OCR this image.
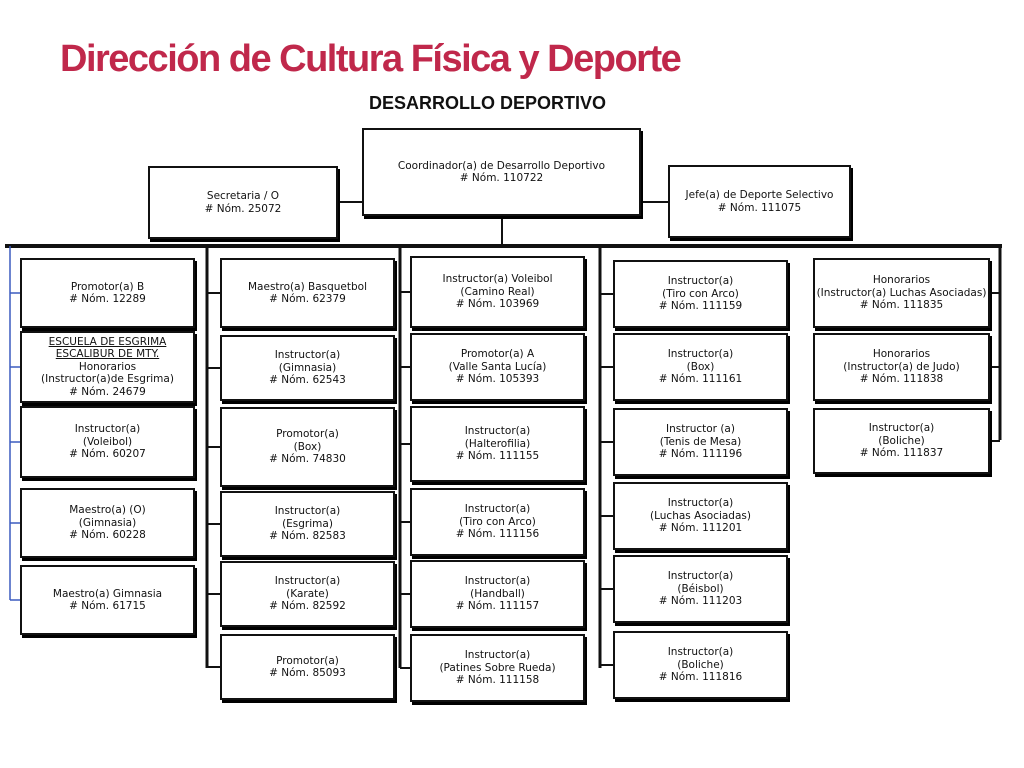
Dirección de Cultura Física y Deporte
DESARROLLO DEPORTIVO
Coordinador(a) de Desarrollo Deportivo
# Nóm. 110722
Secretaria / O
# Nóm. 25072
Jefe(a) de Deporte Selectivo
# Nóm. 111075
Promotor(a) B
# Nóm. 12289
ESCUELA DE ESGRIMA
ESCALIBUR DE MTY.
Honorarios
(Instructor(a)de Esgrima)
# Nóm. 24679
Instructor(a)
(Voleibol)
# Nóm. 60207
Maestro(a) (O)
(Gimnasia)
# Nóm. 60228
Maestro(a) Gimnasia
# Nóm. 61715
Maestro(a) Basquetbol
# Nóm. 62379
Instructor(a)
(Gimnasia)
# Nóm. 62543
Promotor(a)
(Box)
# Nóm. 74830
Instructor(a)
(Esgrima)
# Nóm. 82583
Instructor(a)
(Karate)
# Nóm. 82592
Promotor(a)
# Nóm. 85093
Instructor(a) Voleibol
(Camino Real)
# Nóm. 103969
Promotor(a) A
(Valle Santa Lucía)
# Nóm. 105393
Instructor(a)
(Halterofilia)
# Nóm. 111155
Instructor(a)
(Tiro con Arco)
# Nóm. 111156
Instructor(a)
(Handball)
# Nóm. 111157
Instructor(a)
(Patines Sobre Rueda)
# Nóm. 111158
Instructor(a)
(Tiro con Arco)
# Nóm. 111159
Instructor(a)
(Box)
# Nóm. 111161
Instructor (a)
(Tenis de Mesa)
# Nóm. 111196
Instructor(a)
(Luchas Asociadas)
# Nóm. 111201
Instructor(a)
(Béisbol)
# Nóm. 111203
Instructor(a)
(Boliche)
# Nóm. 111816
Honorarios
(Instructor(a) Luchas Asociadas)
# Nóm. 111835
Honorarios
(Instructor(a) de Judo)
# Nóm. 111838
Instructor(a)
(Boliche)
# Nóm. 111837
